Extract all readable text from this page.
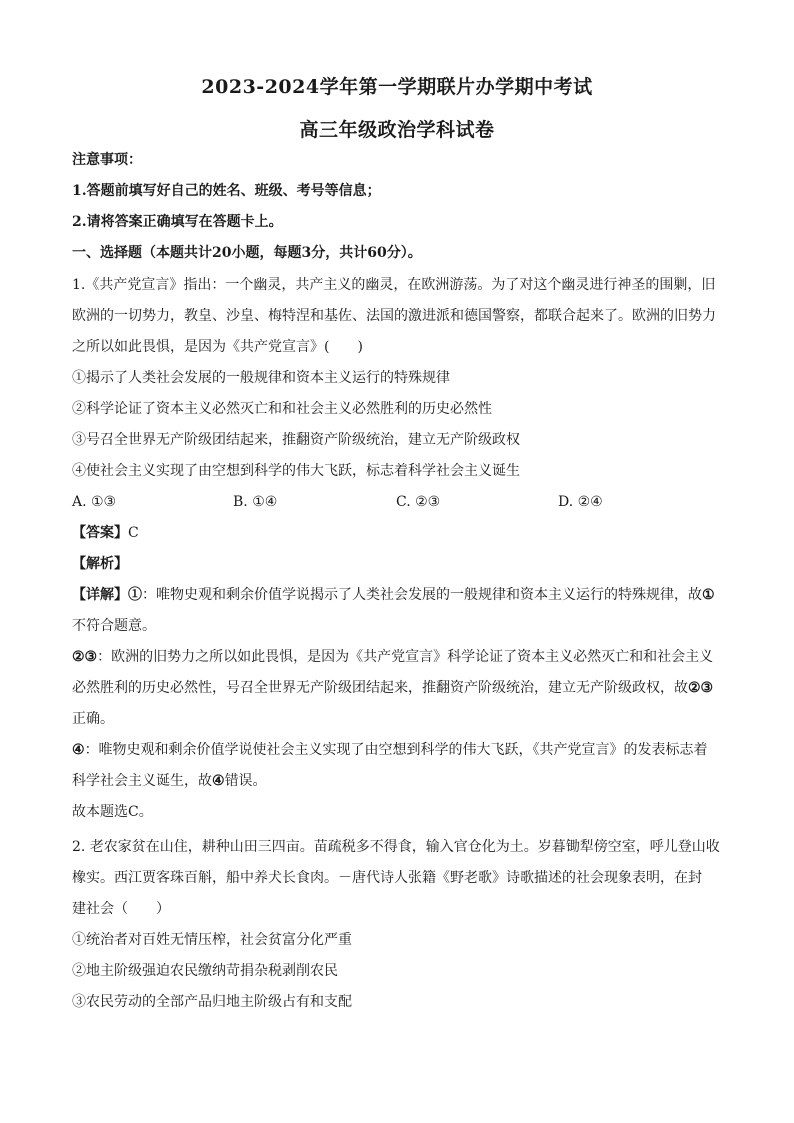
2023-2024学年第一学期联片办学期中考试
高三年级政治学科试卷
注意事项：
1.答题前填写好自己的姓名、班级、考号等信息；
2.请将答案正确填写在答题卡上。
一、选择题（本题共计20小题，每题3分，共计60分）。
1.《共产党宣言》指出：一个幽灵，共产主义的幽灵，在欧洲游荡。为了对这个幽灵进行神圣的围剿，旧
欧洲的一切势力，教皇、沙皇、梅特涅和基佐、法国的激进派和德国警察，都联合起来了。欧洲的旧势力
之所以如此畏惧，是因为《共产党宣言》(　　)
①揭示了人类社会发展的一般规律和资本主义运行的特殊规律
②科学论证了资本主义必然灭亡和和社会主义必然胜利的历史必然性
③号召全世界无产阶级团结起来，推翻资产阶级统治，建立无产阶级政权
④使社会主义实现了由空想到科学的伟大飞跃，标志着科学社会主义诞生
A. ①③	B. ①④	C. ②③	D. ②④
【答案】C
【解析】
【详解】①：唯物史观和剩余价值学说揭示了人类社会发展的一般规律和资本主义运行的特殊规律，故①
不符合题意。
②③：欧洲的旧势力之所以如此畏惧，是因为《共产党宣言》科学论证了资本主义必然灭亡和和社会主义
必然胜利的历史必然性，号召全世界无产阶级团结起来，推翻资产阶级统治，建立无产阶级政权，故②③
正确。
④：唯物史观和剩余价值学说使社会主义实现了由空想到科学的伟大飞跃，《共产党宣言》的发表标志着
科学社会主义诞生，故④错误。
故本题选C。
2. 老农家贫在山住，耕种山田三四亩。苗疏税多不得食，输入官仓化为土。岁暮锄犁傍空室，呼儿登山收
橡实。西江贾客珠百斛，船中养犬长食肉。－唐代诗人张籍《野老歌》诗歌描述的社会现象表明，在封
建社会（　　）
①统治者对百姓无情压榨，社会贫富分化严重
②地主阶级强迫农民缴纳苛捐杂税剥削农民
③农民劳动的全部产品归地主阶级占有和支配
